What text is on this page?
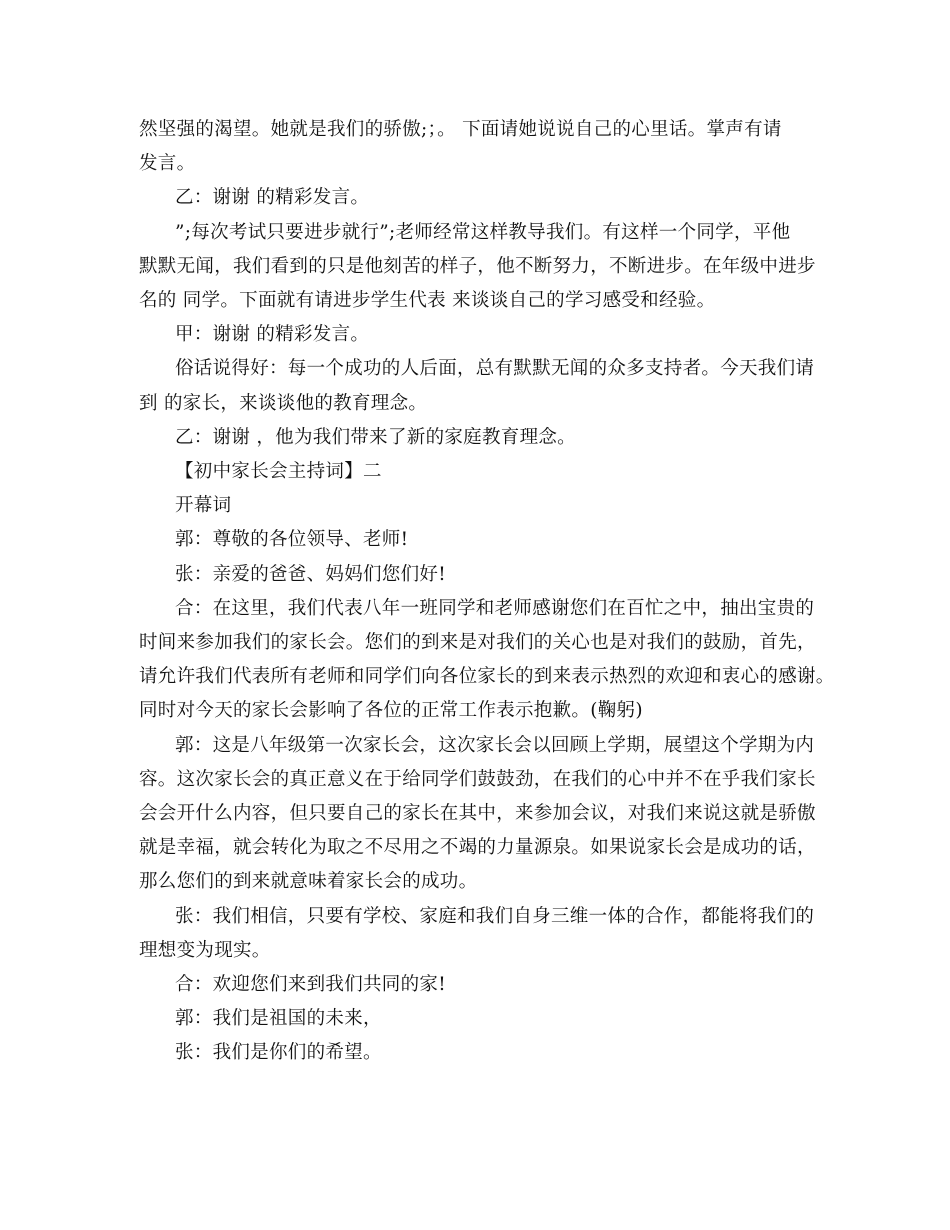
然坚强的渴望。她就是我们的骄傲;；。 下面请她说说自己的心里话。掌声有请
发言。

乙：谢谢 的精彩发言。

”;每次考试只要进步就行”;老师经常这样教导我们。有这样一个同学，平他
默默无闻，我们看到的只是他刻苦的样子，他不断努力，不断进步。在年级中进步
名的 同学。下面就有请进步学生代表 来谈谈自己的学习感受和经验。

甲：谢谢 的精彩发言。

俗话说得好：每一个成功的人后面，总有默默无闻的众多支持者。今天我们请
到 的家长，来谈谈他的教育理念。

乙：谢谢 ，他为我们带来了新的家庭教育理念。

【初中家长会主持词】二

开幕词

郭：尊敬的各位领导、老师!

张：亲爱的爸爸、妈妈们您们好!

合：在这里，我们代表八年一班同学和老师感谢您们在百忙之中，抽出宝贵的
时间来参加我们的家长会。您们的到来是对我们的关心也是对我们的鼓励，首先，
请允许我们代表所有老师和同学们向各位家长的到来表示热烈的欢迎和衷心的感谢。
同时对今天的家长会影响了各位的正常工作表示抱歉。(鞠躬)

郭：这是八年级第一次家长会，这次家长会以回顾上学期，展望这个学期为内
容。这次家长会的真正意义在于给同学们鼓鼓劲，在我们的心中并不在乎我们家长
会会开什么内容，但只要自己的家长在其中，来参加会议，对我们来说这就是骄傲
就是幸福，就会转化为取之不尽用之不竭的力量源泉。如果说家长会是成功的话，
那么您们的到来就意味着家长会的成功。

张：我们相信，只要有学校、家庭和我们自身三维一体的合作，都能将我们的
理想变为现实。

合：欢迎您们来到我们共同的家!

郭：我们是祖国的未来，

张：我们是你们的希望。
